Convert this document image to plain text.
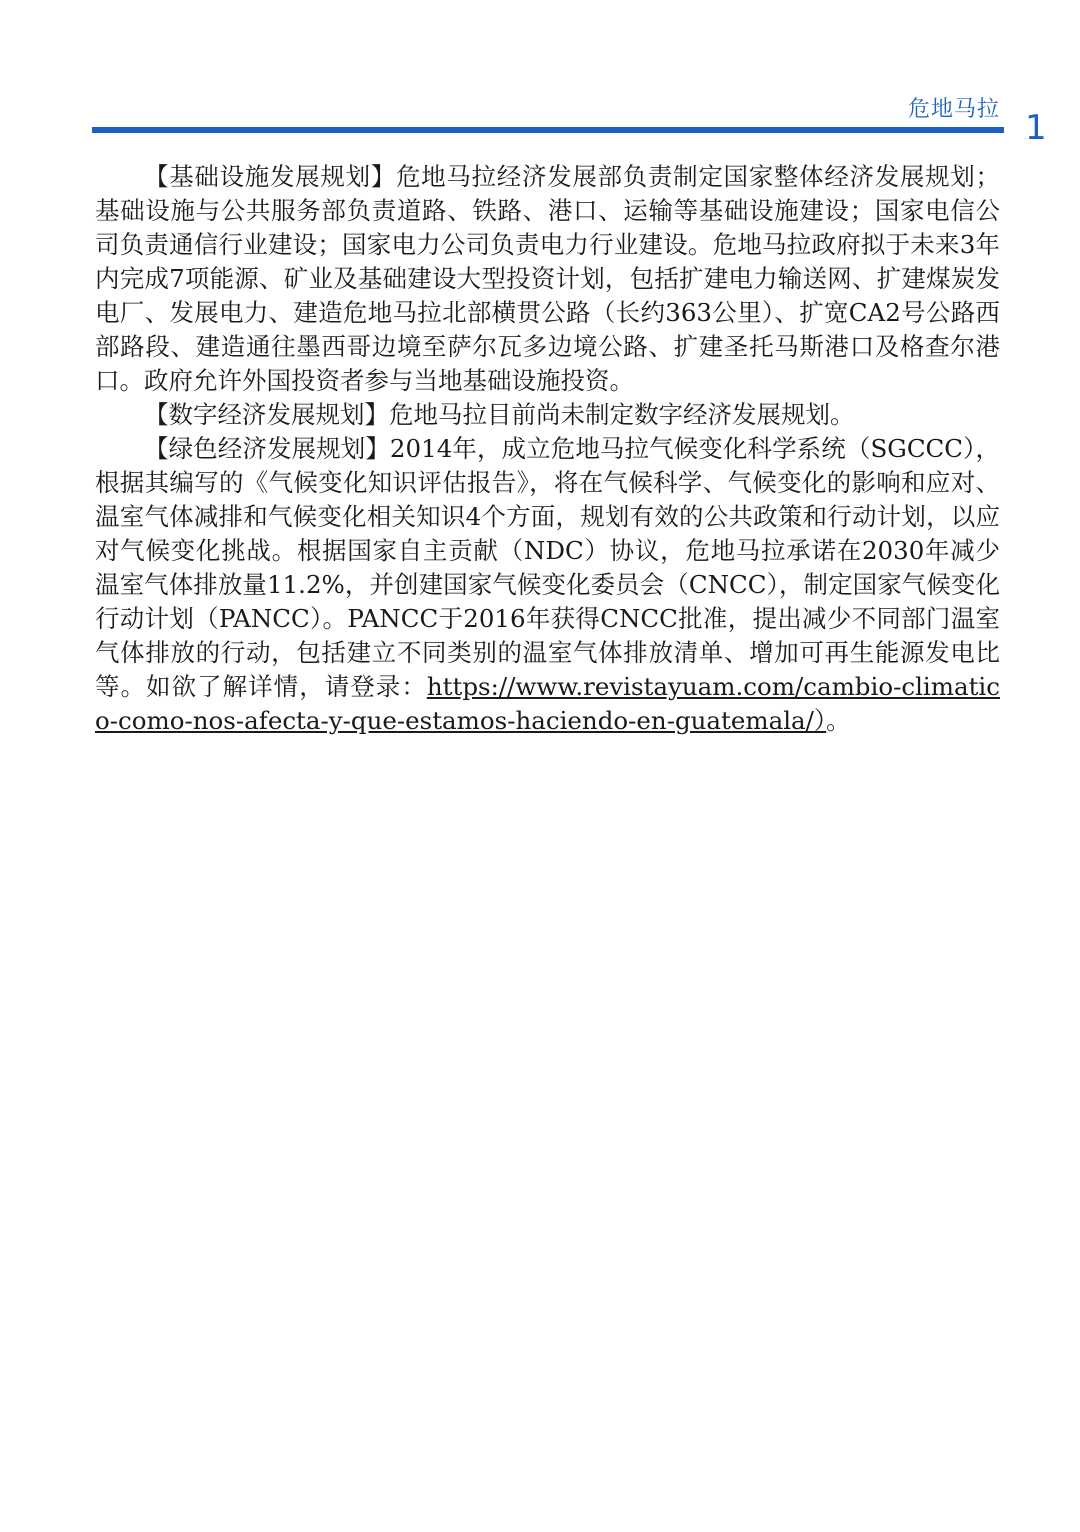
危地马拉 1

【基础设施发展规划】危地马拉经济发展部负责制定国家整体经济发展规划；基础设施与公共服务部负责道路、铁路、港口、运输等基础设施建设；国家电信公司负责通信行业建设；国家电力公司负责电力行业建设。危地马拉政府拟于未来3年内完成7项能源、矿业及基础建设大型投资计划，包括扩建电力输送网、扩建煤炭发电厂、发展电力、建造危地马拉北部横贯公路（长约363公里）、扩宽CA2号公路西部路段、建造通往墨西哥边境至萨尔瓦多边境公路、扩建圣托马斯港口及格查尔港口。政府允许外国投资者参与当地基础设施投资。

【数字经济发展规划】危地马拉目前尚未制定数字经济发展规划。

【绿色经济发展规划】2014年，成立危地马拉气候变化科学系统（SGCCC），根据其编写的《气候变化知识评估报告》，将在气候科学、气候变化的影响和应对、温室气体减排和气候变化相关知识4个方面，规划有效的公共政策和行动计划，以应对气候变化挑战。根据国家自主贡献（NDC）协议，危地马拉承诺在2030年减少温室气体排放量11.2%，并创建国家气候变化委员会（CNCC），制定国家气候变化行动计划（PANCC）。PANCC于2016年获得CNCC批准，提出减少不同部门温室气体排放的行动，包括建立不同类别的温室气体排放清单、增加可再生能源发电比等。如欲了解详情，请登录：https://www.revistayuam.com/cambio-climatico-como-nos-afecta-y-que-estamos-haciendo-en-guatemala/）。
